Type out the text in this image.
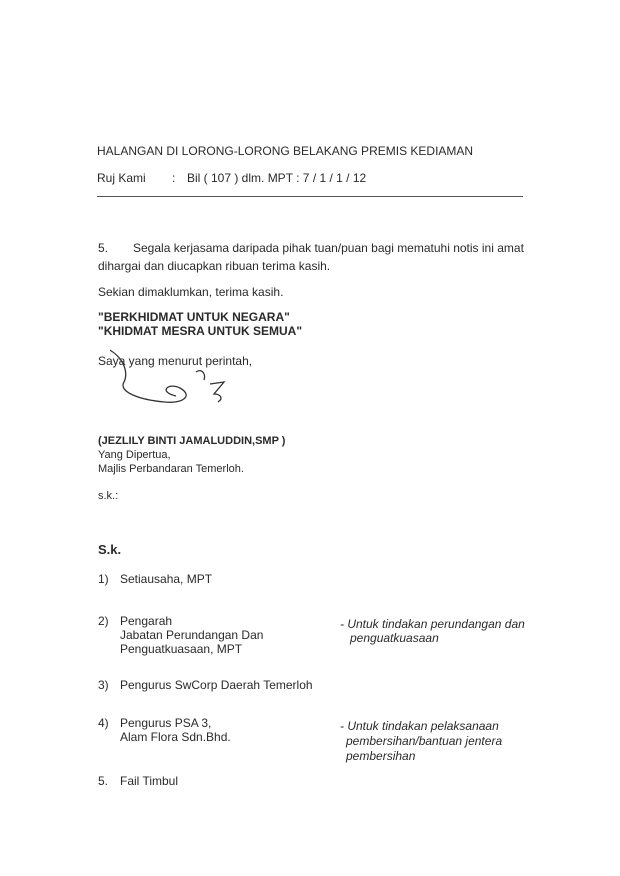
HALANGAN DI LORONG-LORONG BELAKANG PREMIS KEDIAMAN
Ruj Kami : Bil ( 107 ) dlm. MPT : 7 / 1 / 1 / 12
5. Segala kerjasama daripada pihak tuan/puan bagi mematuhi notis ini amat dihargai dan diucapkan ribuan terima kasih.
Sekian dimaklumkan, terima kasih.
"BERKHIDMAT UNTUK NEGARA"
"KHIDMAT MESRA UNTUK SEMUA"
Saya yang menurut perintah,
(JEZLILY BINTI JAMALUDDIN,SMP )
Yang Dipertua,
Majlis Perbandaran Temerloh.
s.k.:
S.k.
1) Setiausaha, MPT
2) Pengarah
Jabatan Perundangan Dan
Penguatkuasaan, MPT
- Untuk tindakan perundangan dan
penguatkuasaan
3) Pengurus SwCorp Daerah Temerloh
4) Pengurus PSA 3,
Alam Flora Sdn.Bhd.
- Untuk tindakan pelaksanaan
pembersihan/bantuan jentera
pembersihan
5. Fail Timbul
